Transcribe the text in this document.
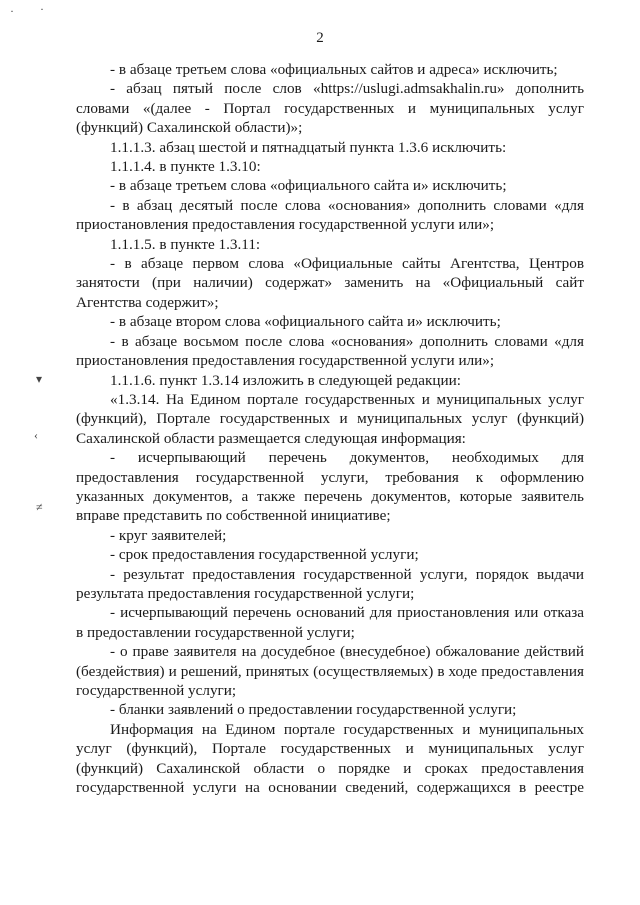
2
· ·
▾
‹
≠

- в абзаце третьем слова «официальных сайтов и адреса» исключить;

- абзац пятый после слов «https://uslugi.admsakhalin.ru» дополнить словами «(далее - Портал государственных и муниципальных услуг (функций) Сахалинской области)»;

1.1.1.3. абзац шестой и пятнадцатый пункта 1.3.6 исключить:

1.1.1.4. в пункте 1.3.10:

- в абзаце третьем слова «официального сайта и» исключить;

- в абзац десятый после слова «основания» дополнить словами «для приостановления предоставления государственной услуги или»;

1.1.1.5. в пункте 1.3.11:

- в абзаце первом слова «Официальные сайты Агентства, Центров занятости (при наличии) содержат» заменить на «Официальный сайт Агентства содержит»;

- в абзаце втором слова «официального сайта и» исключить;

- в абзаце восьмом после слова «основания» дополнить словами «для приостановления предоставления государственной услуги или»;

1.1.1.6. пункт 1.3.14 изложить в следующей редакции:

«1.3.14. На Едином портале государственных и муниципальных услуг (функций), Портале государственных и муниципальных услуг (функций) Сахалинской области размещается следующая информация:

- исчерпывающий перечень документов, необходимых для предоставления государственной услуги, требования к оформлению указанных документов, а также перечень документов, которые заявитель вправе представить по собственной инициативе;

- круг заявителей;

- срок предоставления государственной услуги;

- результат предоставления государственной услуги, порядок выдачи результата предоставления государственной услуги;

- исчерпывающий перечень оснований для приостановления или отказа в предоставлении государственной услуги;

- о праве заявителя на досудебное (внесудебное) обжалование действий (бездействия) и решений, принятых (осуществляемых) в ходе предоставления государственной услуги;

- бланки заявлений о предоставлении государственной услуги;

Информация на Едином портале государственных и муниципальных услуг (функций), Портале государственных и муниципальных услуг (функций) Сахалинской области о порядке и сроках предоставления государственной услуги на основании сведений, содержащихся в реестре
